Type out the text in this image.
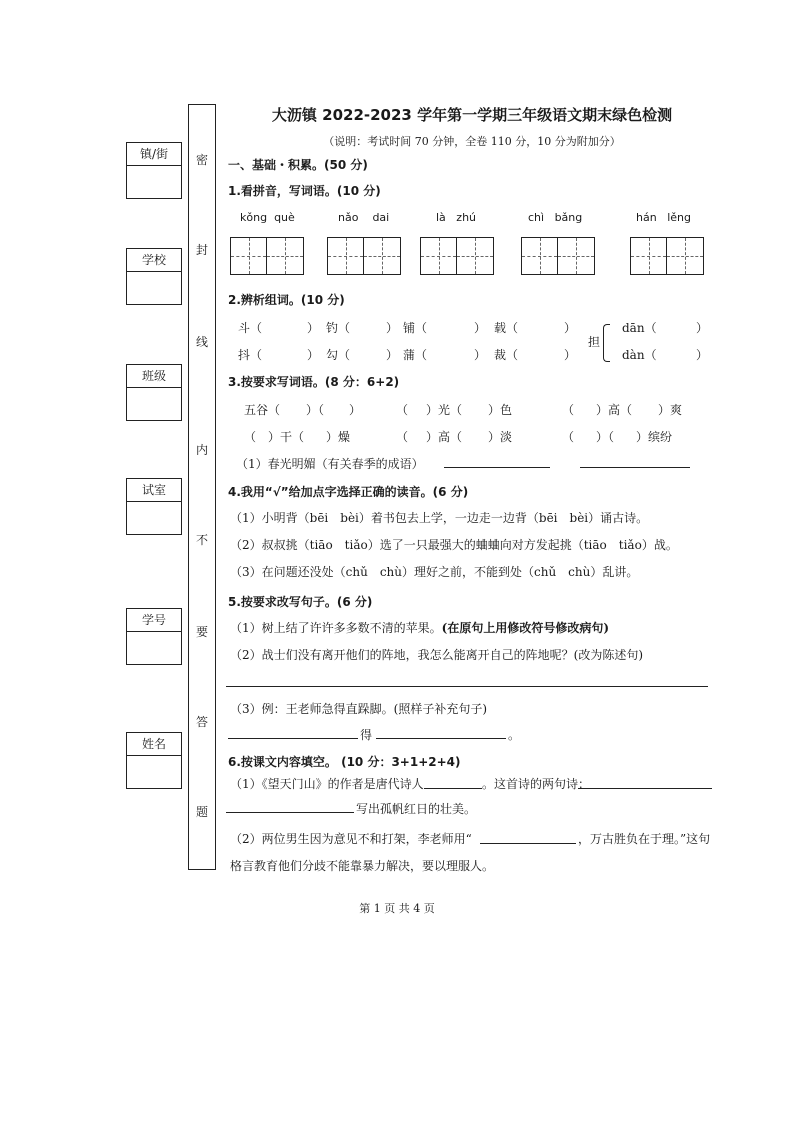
镇/街
学校
班级
试室
学号
姓名
密
封
线
内
不
要
答
题
大沥镇 2022-2023 学年第一学期三年级语文期末绿色检测
（说明：考试时间 70 分钟，全卷 110 分，10 分为附加分）
一、基础・积累。(50 分)
1.看拼音，写词语。(10 分)
kǒng què	nǎo dai	là zhú	chì bǎng	hán lěng
2.辨析组词。(10 分)
斗（	） 钓（	） 铺（	） 载（	）
抖（	） 勾（	） 蒲（	） 裁（	）
担
dān（	）
dàn（	）
3.按要求写词语。(8 分：6+2)
五谷（ ）（ ）	（ ）光（ ）色	（ ）高（ ）爽
（ ）干（ ）燥	（ ）高（ ）淡	（ ）（ ）缤纷
（1）春光明媚（有关春季的成语）
4.我用“√”给加点字选择正确的读音。(6 分)
（1）小明背（bēi　bèi）着书包去上学，一边走一边背（bēi　bèi）诵古诗。
（2）叔叔挑（tiāo　tiǎo）选了一只最强大的蛐蛐向对方发起挑（tiāo　tiǎo）战。
（3）在问题还没处（chǔ　chù）理好之前，不能到处（chǔ　chù）乱讲。
5.按要求改写句子。(6 分)
（1）树上结了许许多多数不清的苹果。(在原句上用修改符号修改病句)
（2）战士们没有离开他们的阵地，我怎么能离开自己的阵地呢？(改为陈述句)
（3）例：王老师急得直跺脚。(照样子补充句子)
得	。
6.按课文内容填空。 (10 分：3+1+2+4)
（1）《望天门山》的作者是唐代诗人	。这首诗的两句诗：
写出孤帆红日的壮美。
（2）两位男生因为意见不和打架，李老师用“	，万古胜负在于理。”这句
格言教育他们分歧不能靠暴力解决，要以理服人。
第 1 页 共 4 页
